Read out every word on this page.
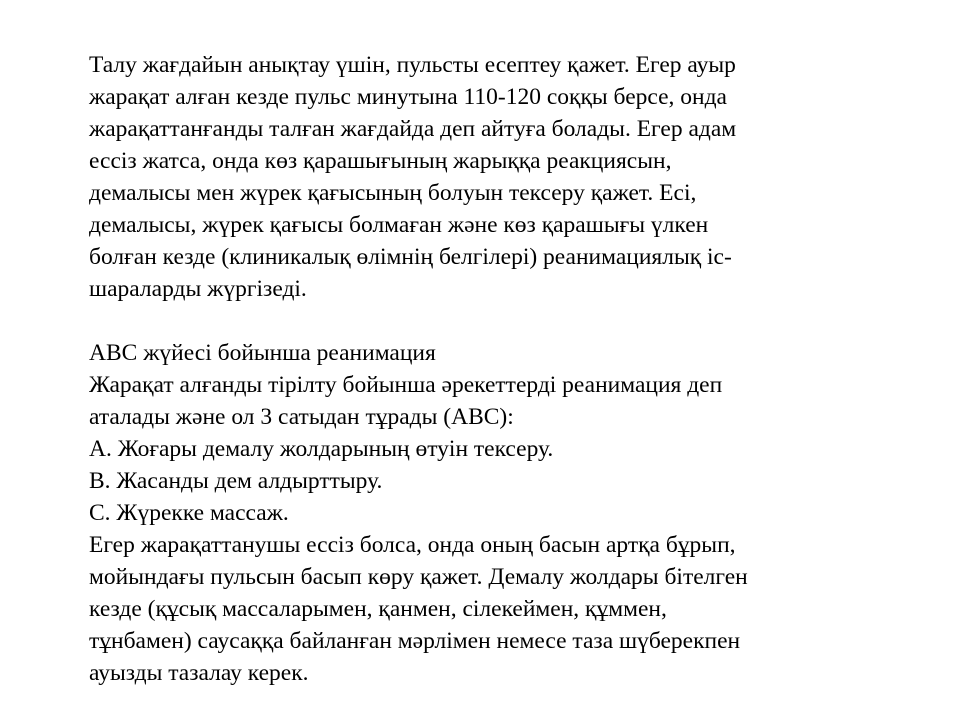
Талу жағдайын анықтау үшін, пульсты есептеу қажет. Егер ауыр
жарақат алған кезде пульс минутына 110-120 соққы берсе, онда
жарақаттанғанды талған жағдайда деп айтуға болады. Егер адам
ессіз жатса, онда көз қарашығының жарыққа реакциясын,
демалысы мен жүрек қағысының болуын тексеру қажет. Есі,
демалысы, жүрек қағысы болмаған және көз қарашығы үлкен
болған кезде (клиникалық өлімнің белгілері) реанимациялық іс-
шараларды жүргізеді.
АВС жүйесі бойынша реанимация
Жарақат алғанды тірілту бойынша әрекеттерді реанимация деп
аталады және ол 3 сатыдан тұрады (АВС):
А. Жоғары демалу жолдарының өтуін тексеру.
В. Жасанды дем алдырттыру.
С. Жүрекке массаж.
Егер жарақаттанушы ессіз болса, онда оның басын артқа бұрып,
мойындағы пульсын басып көру қажет. Демалу жолдары бітелген
кезде (құсық массаларымен, қанмен, сілекеймен, құммен,
тұнбамен) саусаққа байланған мәрлімен немесе таза шүберекпен
ауызды тазалау керек.
